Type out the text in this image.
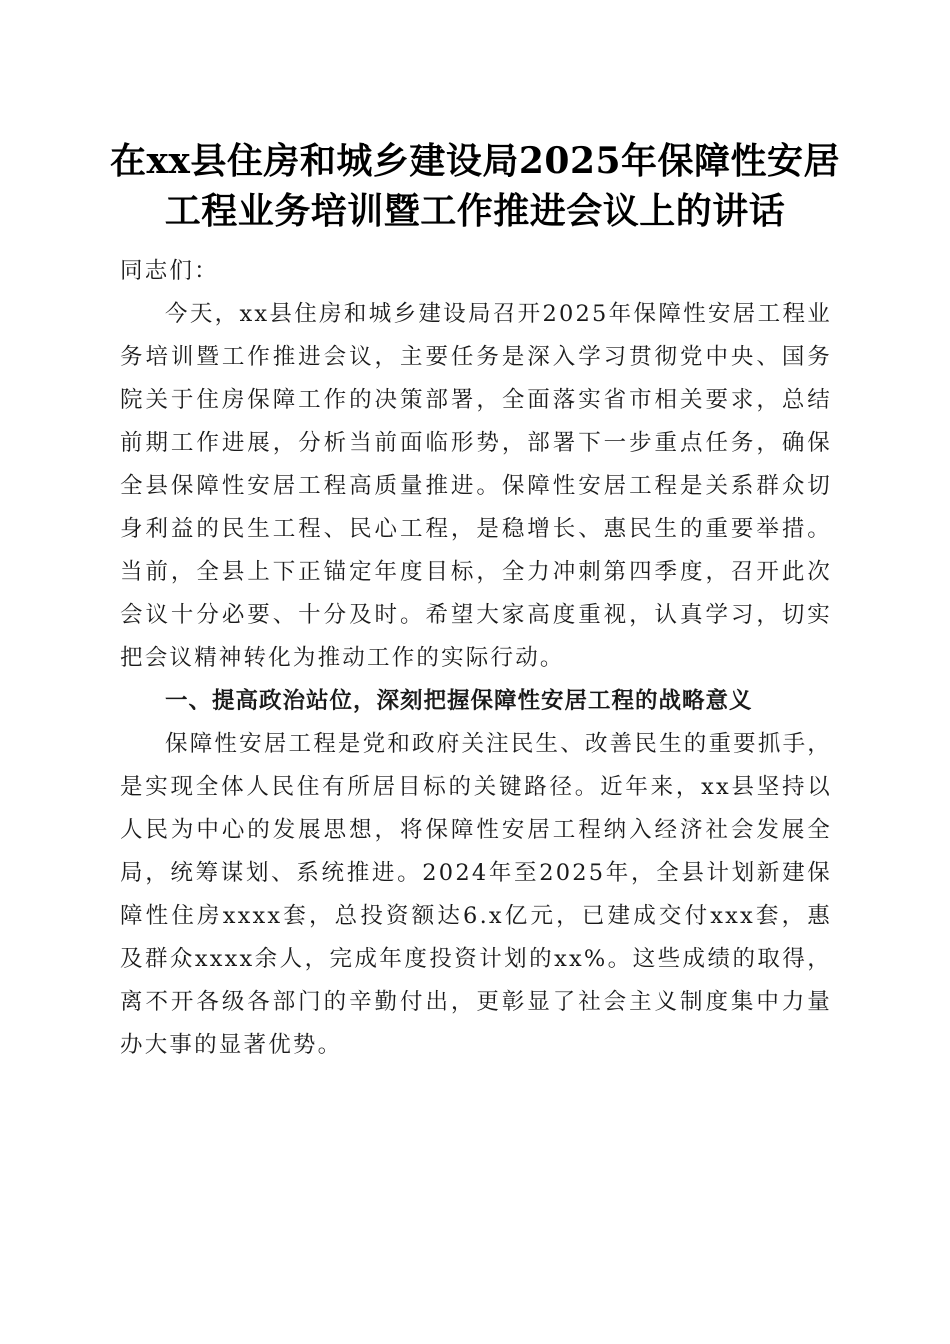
在xx县住房和城乡建设局2025年保障性安居
工程业务培训暨工作推进会议上的讲话

同志们：

今天，xx县住房和城乡建设局召开2025年保障性安居工程业务培训暨工作推进会议，主要任务是深入学习贯彻党中央、国务院关于住房保障工作的决策部署，全面落实省市相关要求，总结前期工作进展，分析当前面临形势，部署下一步重点任务，确保全县保障性安居工程高质量推进。保障性安居工程是关系群众切身利益的民生工程、民心工程，是稳增长、惠民生的重要举措。当前，全县上下正锚定年度目标，全力冲刺第四季度，召开此次会议十分必要、十分及时。希望大家高度重视，认真学习，切实把会议精神转化为推动工作的实际行动。

一、提高政治站位，深刻把握保障性安居工程的战略意义

保障性安居工程是党和政府关注民生、改善民生的重要抓手，是实现全体人民住有所居目标的关键路径。近年来，xx县坚持以人民为中心的发展思想，将保障性安居工程纳入经济社会发展全局，统筹谋划、系统推进。2024年至2025年，全县计划新建保障性住房xxxx套，总投资额达6.x亿元，已建成交付xxx套，惠及群众xxxx余人，完成年度投资计划的xx%。这些成绩的取得，离不开各级各部门的辛勤付出，更彰显了社会主义制度集中力量办大事的显著优势。
